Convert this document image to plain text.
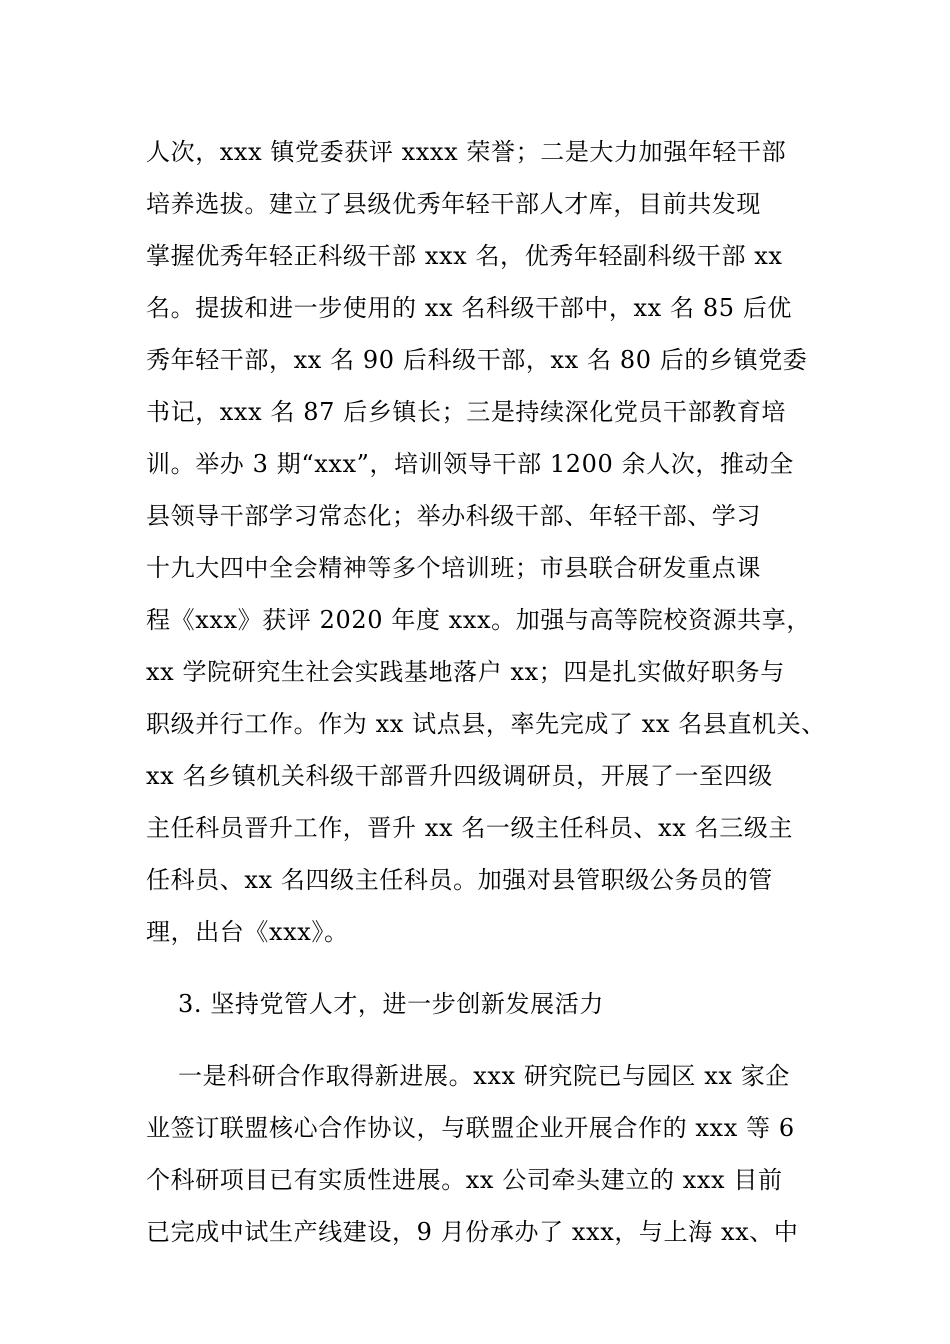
人次，xxx 镇党委获评 xxxx 荣誉；二是大力加强年轻干部
培养选拔。建立了县级优秀年轻干部人才库，目前共发现
掌握优秀年轻正科级干部 xxx 名，优秀年轻副科级干部 xx
名。提拔和进一步使用的 xx 名科级干部中，xx 名 85 后优
秀年轻干部，xx 名 90 后科级干部，xx 名 80 后的乡镇党委
书记，xxx 名 87 后乡镇长；三是持续深化党员干部教育培
训。举办 3 期“xxx”，培训领导干部 1200 余人次，推动全
县领导干部学习常态化；举办科级干部、年轻干部、学习
十九大四中全会精神等多个培训班；市县联合研发重点课
程《xxx》获评 2020 年度 xxx。加强与高等院校资源共享，
xx 学院研究生社会实践基地落户 xx；四是扎实做好职务与
职级并行工作。作为 xx 试点县，率先完成了 xx 名县直机关、
xx 名乡镇机关科级干部晋升四级调研员，开展了一至四级
主任科员晋升工作，晋升 xx 名一级主任科员、xx 名三级主
任科员、xx 名四级主任科员。加强对县管职级公务员的管
理，出台《xxx》。
3. 坚持党管人才，进一步创新发展活力
一是科研合作取得新进展。xxx 研究院已与园区 xx 家企
业签订联盟核心合作协议，与联盟企业开展合作的 xxx 等 6
个科研项目已有实质性进展。xx 公司牵头建立的 xxx 目前
已完成中试生产线建设，9 月份承办了 xxx，与上海 xx、中
